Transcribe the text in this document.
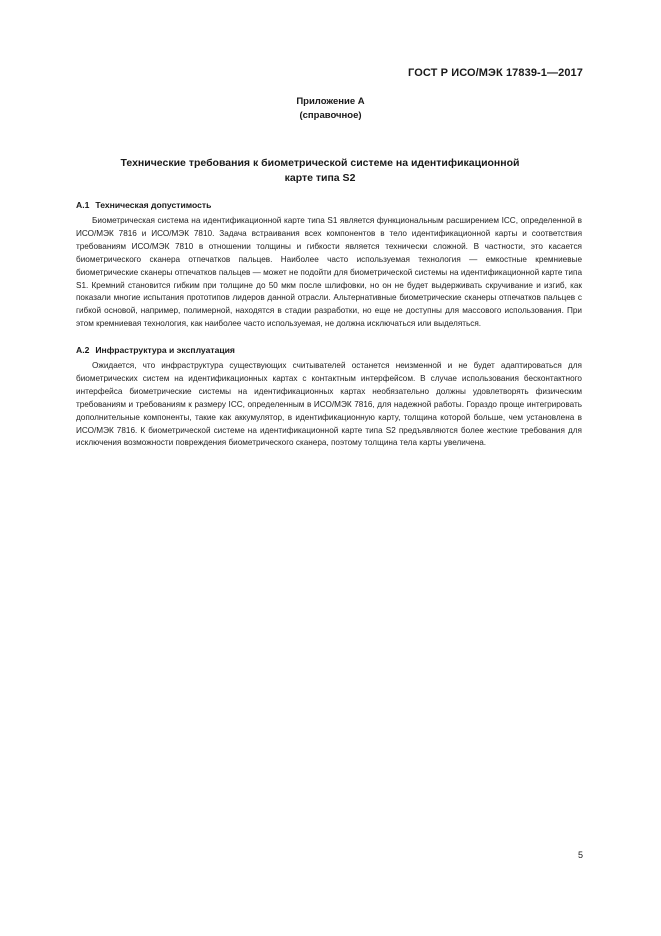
ГОСТ Р ИСО/МЭК 17839-1—2017
Приложение А
(справочное)
Технические требования к биометрической системе на идентификационной
карте типа S2
A.1 Техническая допустимость

Биометрическая система на идентификационной карте типа S1 является функциональным расширением ICC, определенной в ИСО/МЭК 7816 и ИСО/МЭК 7810. Задача встраивания всех компонентов в тело идентификационной карты и соответствия требованиям ИСО/МЭК 7810 в отношении толщины и гибкости является технически сложной. В частности, это касается биометрического сканера отпечатков пальцев. Наиболее часто используемая технология — емкостные кремниевые биометрические сканеры отпечатков пальцев — может не подойти для биометрической системы на идентификационной карте типа S1. Кремний становится гибким при толщине до 50 мкм после шлифовки, но он не будет выдерживать скручивание и изгиб, как показали многие испытания прототипов лидеров данной отрасли. Альтернативные биометрические сканеры отпечатков пальцев с гибкой основой, например, полимерной, находятся в стадии разработки, но еще не доступны для массового использования. При этом кремниевая технология, как наиболее часто используемая, не должна исключаться или выделяться.

A.2 Инфраструктура и эксплуатация

Ожидается, что инфраструктура существующих считывателей останется неизменной и не будет адаптироваться для биометрических систем на идентификационных картах с контактным интерфейсом. В случае использования бесконтактного интерфейса биометрические системы на идентификационных картах необязательно должны удовлетворять физическим требованиям и требованиям к размеру ICC, определенным в ИСО/МЭК 7816, для надежной работы. Гораздо проще интегрировать дополнительные компоненты, такие как аккумулятор, в идентификационную карту, толщина которой больше, чем установлена в ИСО/МЭК 7816. К биометрической системе на идентификационной карте типа S2 предъявляются более жесткие требования для исключения возможности повреждения биометрического сканера, поэтому толщина тела карты увеличена.

5
